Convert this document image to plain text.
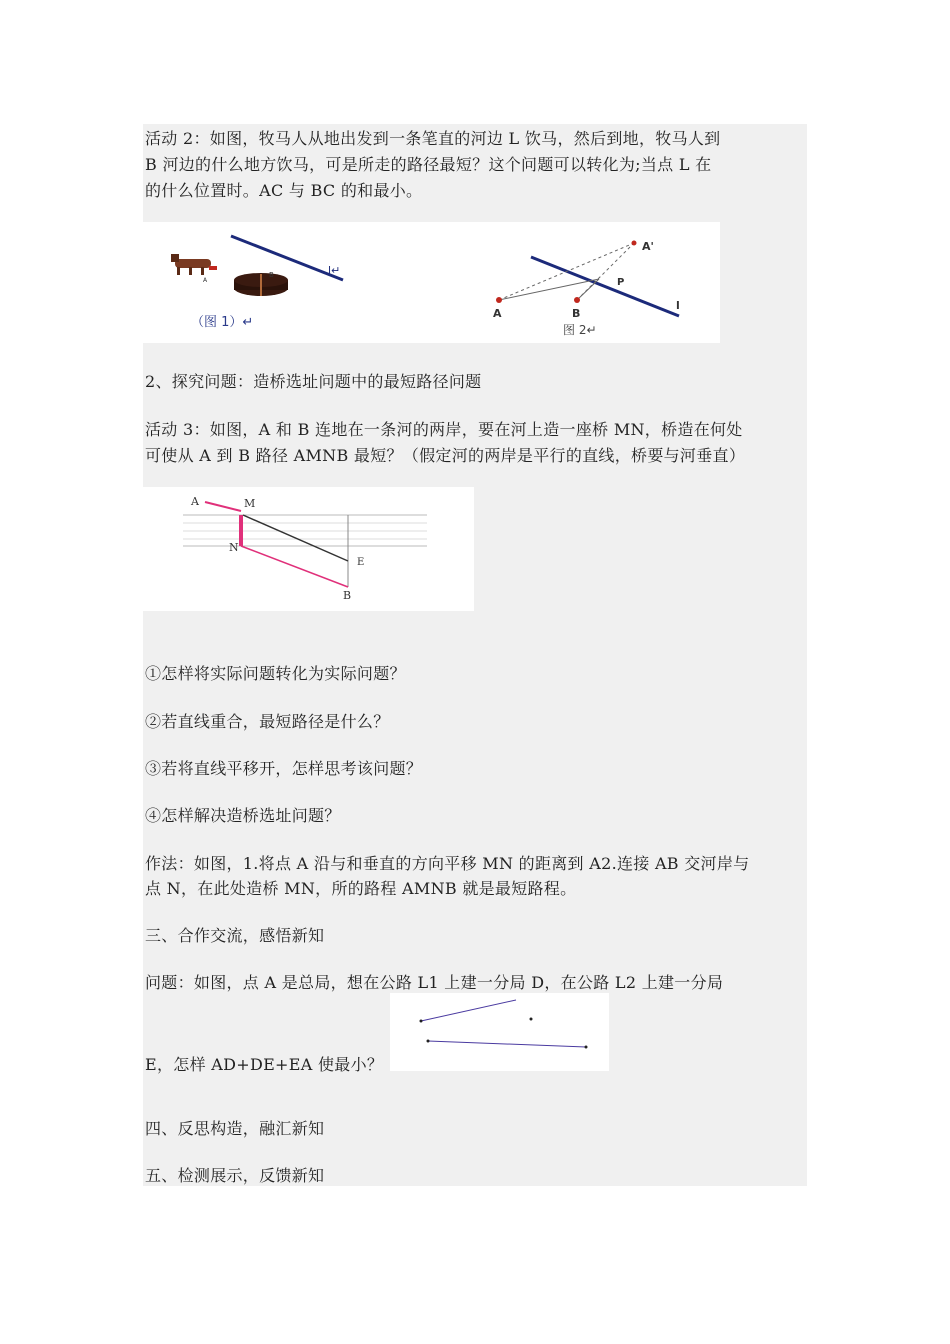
活动 2：如图，牧马人从地出发到一条笔直的河边 L 饮马，然后到地，牧马人到
B 河边的什么地方饮马，可是所走的路径最短？这个问题可以转化为;当点 L 在
的什么位置时。AC 与 BC 的和最小。
l↵
A
B
（图 1）↵
A'
P
A	B
l
图 2↵
2、探究问题：造桥选址问题中的最短路径问题
活动 3：如图，A 和 B 连地在一条河的两岸，要在河上造一座桥 MN，桥造在何处
可使从 A 到 B 路径 AMNB 最短？（假定河的两岸是平行的直线，桥要与河垂直）
A	M
N
E
B
①怎样将实际问题转化为实际问题？
②若直线重合，最短路径是什么？
③若将直线平移开，怎样思考该问题？
④怎样解决造桥选址问题？
作法：如图，1.将点 A 沿与和垂直的方向平移 MN 的距离到 A2.连接 AB 交河岸与
点 N，在此处造桥 MN，所的路程 AMNB 就是最短路程。
三、合作交流，感悟新知
问题：如图，点 A 是总局，想在公路 L1 上建一分局 D，在公路 L2 上建一分局
E，怎样 AD+DE+EA 使最小？
四、反思构造，融汇新知
五、检测展示，反馈新知
